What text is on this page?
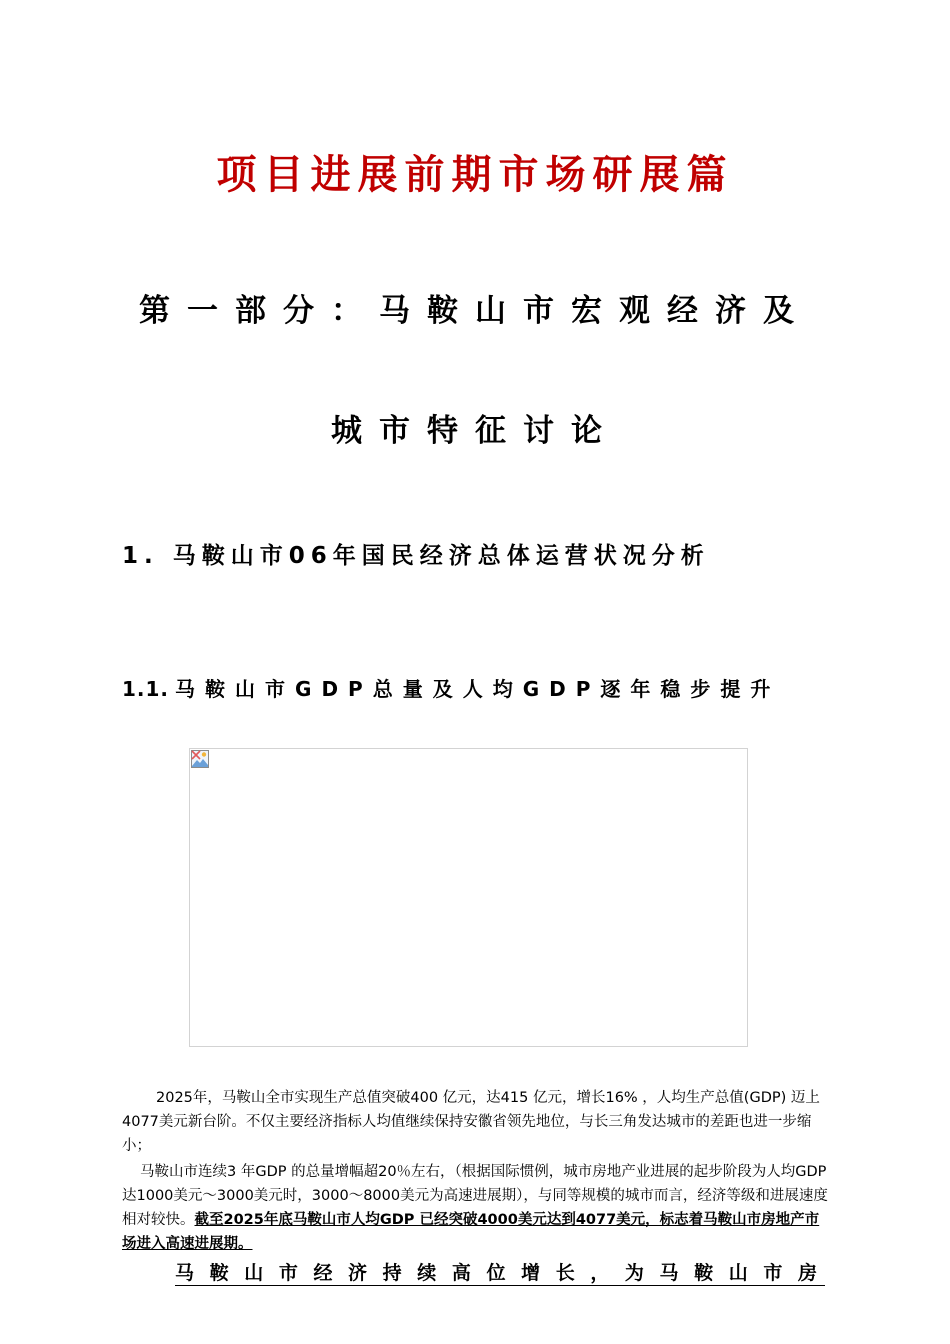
项目进展前期市场研展篇
第一部分：马鞍山市宏观经济及
城市特征讨论
1. 马鞍山市06年国民经济总体运营状况分析
1.1. 马鞍山市GDP总量及人均GDP逐年稳步提升
2025年，马鞍山全市实现生产总值突破400 亿元，达415 亿元，增长16% ，人均生产总值(GDP) 迈上4077美元新台阶。不仅主要经济指标人均值继续保持安徽省领先地位，与长三角发达城市的差距也进一步缩小；
马鞍山市连续3 年GDP 的总量增幅超20％左右，（根据国际惯例，城市房地产业进展的起步阶段为人均GDP 达1000美元～3000美元时，3000～8000美元为高速进展期），与同等规模的城市而言，经济等级和进展速度相对较快。截至2025年底马鞍山市人均GDP 已经突破4000美元达到4077美元，标志着马鞍山市房地产市场进入高速进展期。
马鞍山市经济持续高位增长，为马鞍山市房
